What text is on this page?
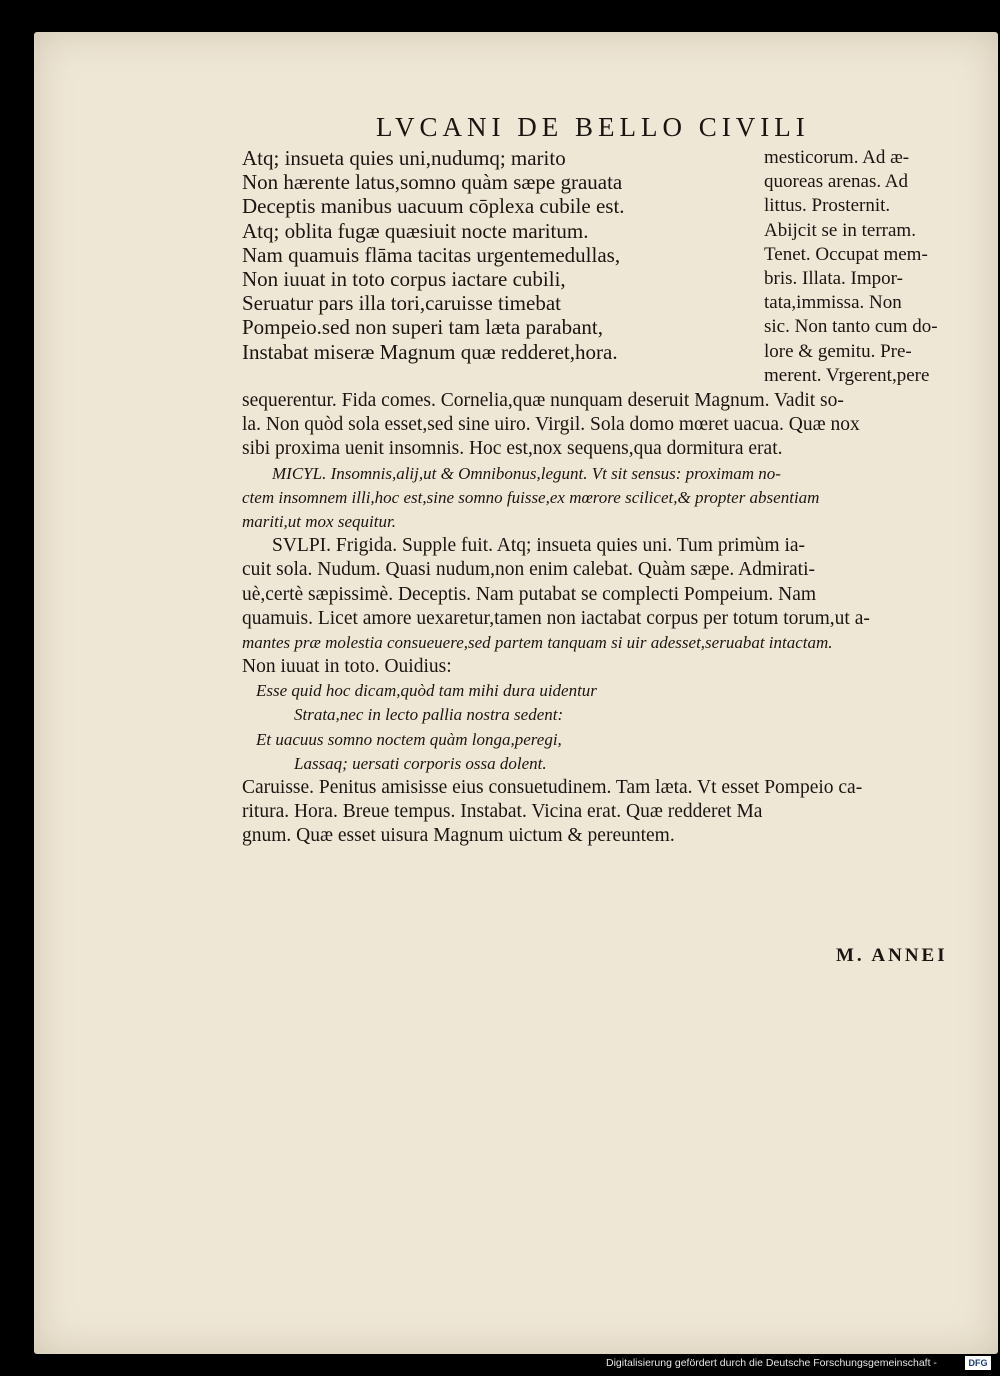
LVCANI DE BELLO CIVILI
Atq; insueta quies uni,nudumq; marito
Non hærente latus,somno quàm sæpe grauata
Deceptis manibus uacuum cōplexa cubile est.
Atq; oblita fugæ quæsiuit nocte maritum.
Nam quamuis flāma tacitas urgentemedullas,
Non iuuat in toto corpus iactare cubili,
Seruatur pars illa tori,caruisse timebat
Pompeio.sed non superi tam læta parabant,
Instabat miseræ Magnum quæ redderet,hora.
mesticorum. Ad æ-
quoreas arenas. Ad
littus. Prosternit.
Abijcit se in terram.
Tenet. Occupat mem-
bris. Illata. Impor-
tata,immissa. Non
sic. Non tanto cum do-
lore & gemitu. Pre-
merent. Vrgerent,pere
sequerentur. Fida comes. Cornelia,quæ nunquam deseruit Magnum. Vadit so-
la. Non quòd sola esset,sed sine uiro. Virgil. Sola domo mœret uacua. Quæ nox
sibi proxima uenit insomnis. Hoc est,nox sequens,qua dormitura erat.
MICYL. Insomnis,alij,ut & Omnibonus,legunt. Vt sit sensus: proximam no-
ctem insomnem illi,hoc est,sine somno fuisse,ex mœrore scilicet,& propter absentiam
mariti,ut mox sequitur.
SVLPI. Frigida. Supple fuit. Atq; insueta quies uni. Tum primùm ia-
cuit sola. Nudum. Quasi nudum,non enim calebat. Quàm sæpe. Admirati-
uè,certè sæpissimè. Deceptis. Nam putabat se complecti Pompeium. Nam
quamuis. Licet amore uexaretur,tamen non iactabat corpus per totum torum,ut a-
mantes præ molestia consueuere,sed partem tanquam si uir adesset,seruabat intactam.
Non iuuat in toto. Ouidius:
Esse quid hoc dicam,quòd tam mihi dura uidentur
Strata,nec in lecto pallia nostra sedent:
Et uacuus somno noctem quàm longa,peregi,
Lassaq; uersati corporis ossa dolent.
Caruisse. Penitus amisisse eius consuetudinem. Tam læta. Vt esset Pompeio ca-
ritura. Hora. Breue tempus. Instabat. Vicina erat. Quæ redderet Ma
gnum. Quæ esset uisura Magnum uictum & pereuntem.
M. ANNEI
Digitalisierung gefördert durch die Deutsche Forschungsgemeinschaft -	DFG
